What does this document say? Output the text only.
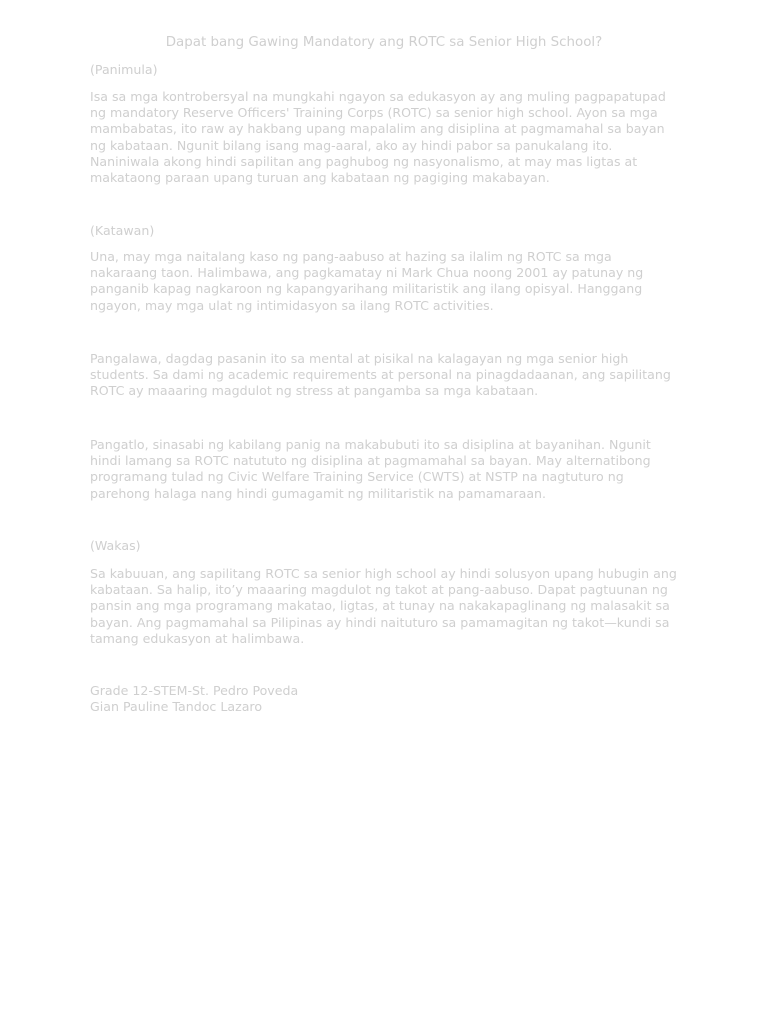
Dapat bang Gawing Mandatory ang ROTC sa Senior High School?

(Panimula)

Isa sa mga kontrobersyal na mungkahi ngayon sa edukasyon ay ang muling pagpapatupad
ng mandatory Reserve Officers' Training Corps (ROTC) sa senior high school. Ayon sa mga
mambabatas, ito raw ay hakbang upang mapalalim ang disiplina at pagmamahal sa bayan
ng kabataan. Ngunit bilang isang mag-aaral, ako ay hindi pabor sa panukalang ito.
Naniniwala akong hindi sapilitan ang paghubog ng nasyonalismo, at may mas ligtas at
makataong paraan upang turuan ang kabataan ng pagiging makabayan.

(Katawan)

Una, may mga naitalang kaso ng pang-aabuso at hazing sa ilalim ng ROTC sa mga
nakaraang taon. Halimbawa, ang pagkamatay ni Mark Chua noong 2001 ay patunay ng
panganib kapag nagkaroon ng kapangyarihang militaristik ang ilang opisyal. Hanggang
ngayon, may mga ulat ng intimidasyon sa ilang ROTC activities.

Pangalawa, dagdag pasanin ito sa mental at pisikal na kalagayan ng mga senior high
students. Sa dami ng academic requirements at personal na pinagdadaanan, ang sapilitang
ROTC ay maaaring magdulot ng stress at pangamba sa mga kabataan.

Pangatlo, sinasabi ng kabilang panig na makabubuti ito sa disiplina at bayanihan. Ngunit
hindi lamang sa ROTC natututo ng disiplina at pagmamahal sa bayan. May alternatibong
programang tulad ng Civic Welfare Training Service (CWTS) at NSTP na nagtuturo ng
parehong halaga nang hindi gumagamit ng militaristik na pamamaraan.

(Wakas)

Sa kabuuan, ang sapilitang ROTC sa senior high school ay hindi solusyon upang hubugin ang
kabataan. Sa halip, ito’y maaaring magdulot ng takot at pang-aabuso. Dapat pagtuunan ng
pansin ang mga programang makatao, ligtas, at tunay na nakakapaglinang ng malasakit sa
bayan. Ang pagmamahal sa Pilipinas ay hindi naituturo sa pamamagitan ng takot—kundi sa
tamang edukasyon at halimbawa.

Grade 12-STEM-St. Pedro Poveda

Gian Pauline Tandoc Lazaro
